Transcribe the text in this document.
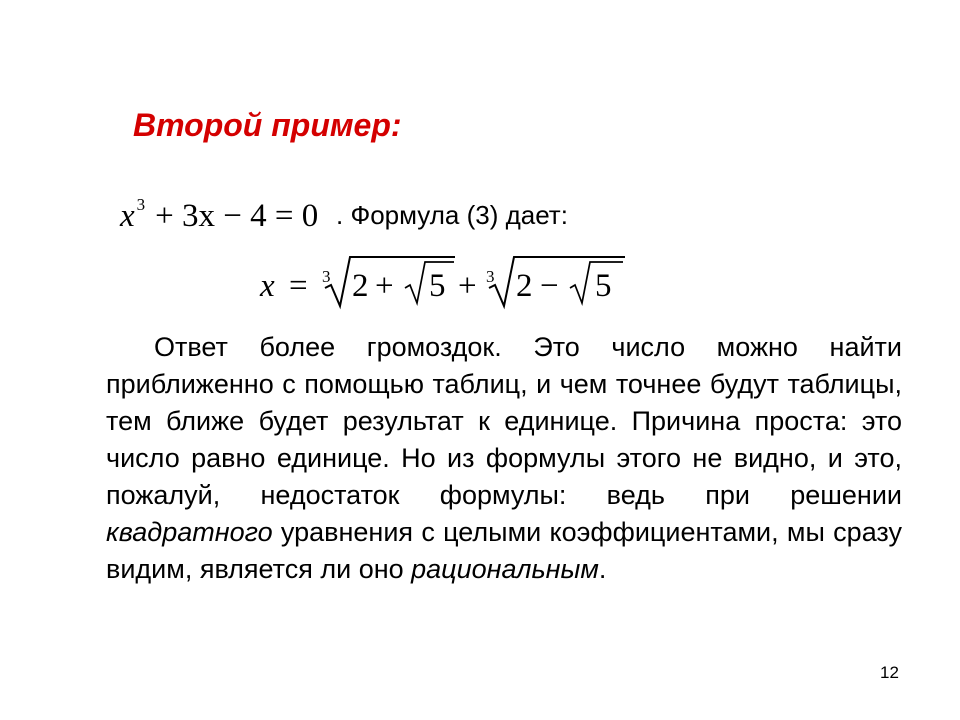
Второй пример:
x $^3$ + 3x − 4 = 0 . Формула (3) дает:
x = 3 2 + 5 + 3 2 − 5

Ответ более громоздок. Это число можно найти приближенно с помощью таблиц, и чем точнее будут таблицы, тем ближе будет результат к единице. Причина проста: это число равно единице. Но из формулы этого не видно, и это, пожалуй, недостаток формулы: ведь при решении квадратного уравнения с целыми коэффициентами, мы сразу видим, является ли оно рациональным.

12
